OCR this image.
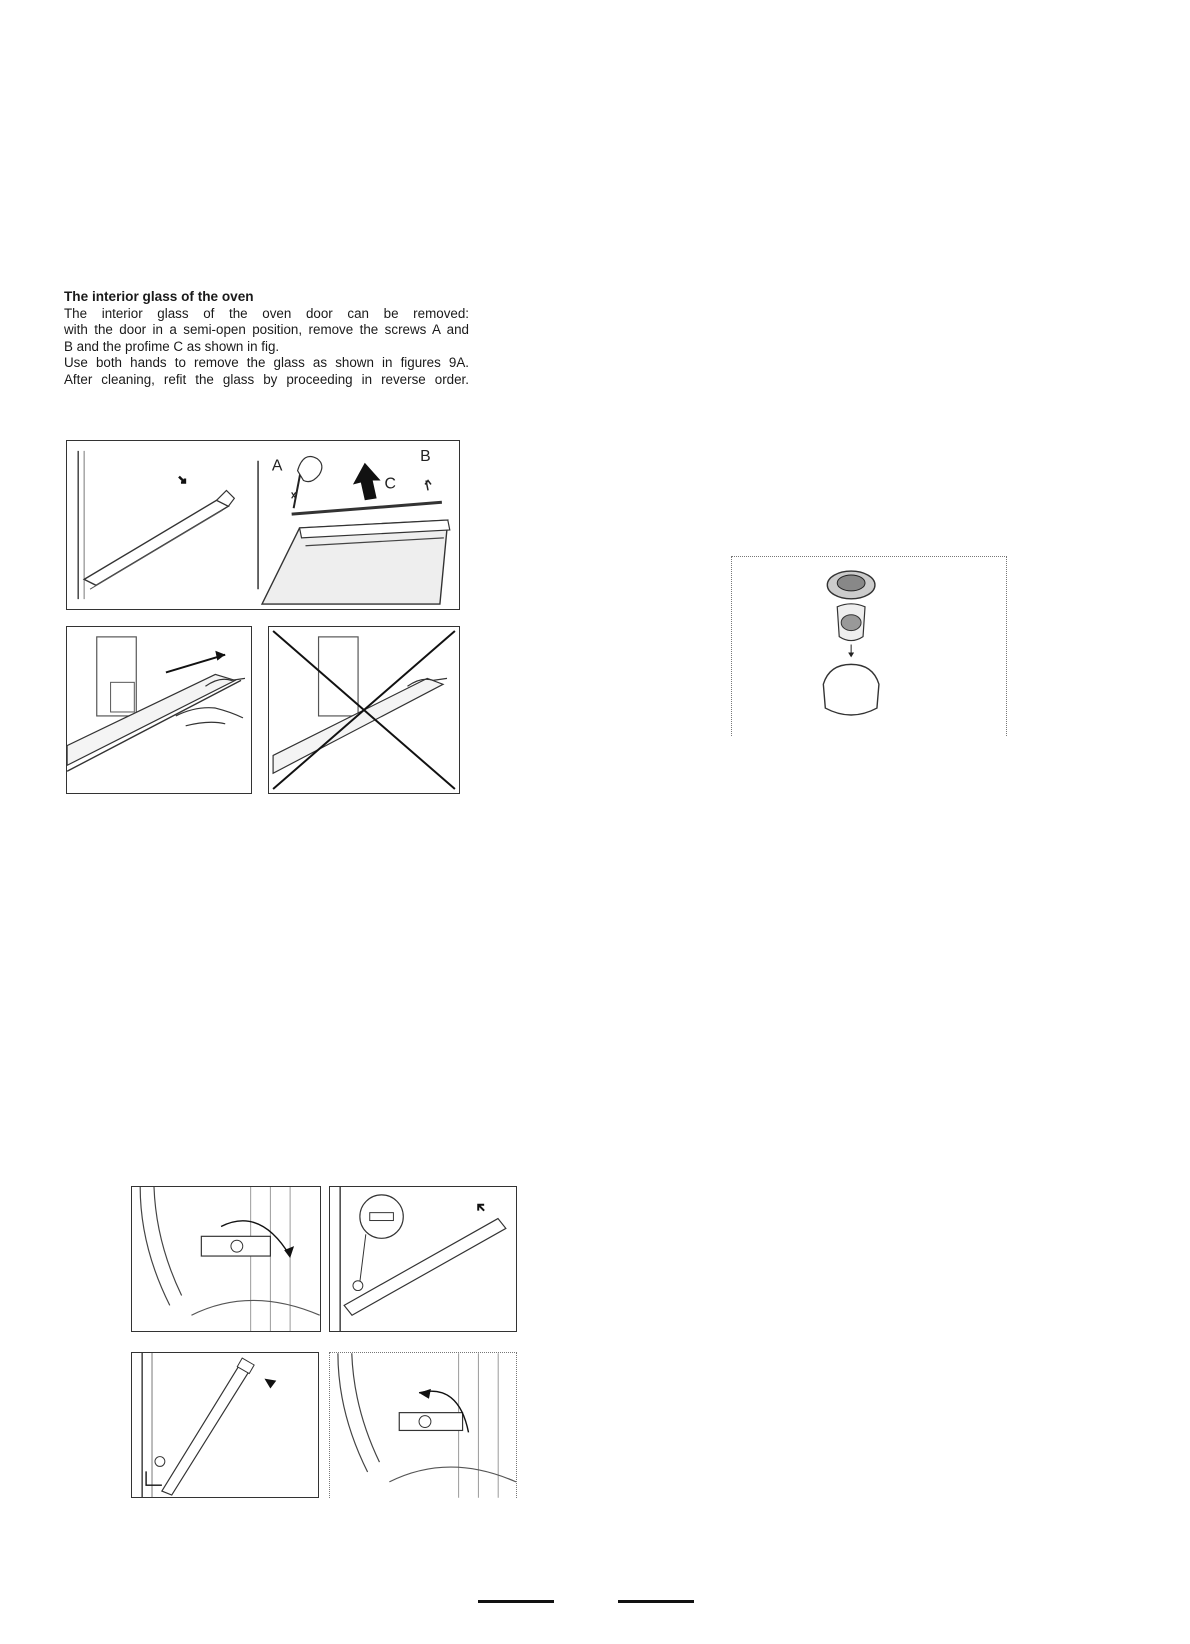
The interior glass of the oven

The interior glass of the oven door can be removed:

with the door in a semi-open position, remove the screws A and

B and the profime C as shown in fig.

Use both hands to remove the glass as shown in figures 9A.

After cleaning, refit the glass by proceeding in reverse order.

A
B
C
